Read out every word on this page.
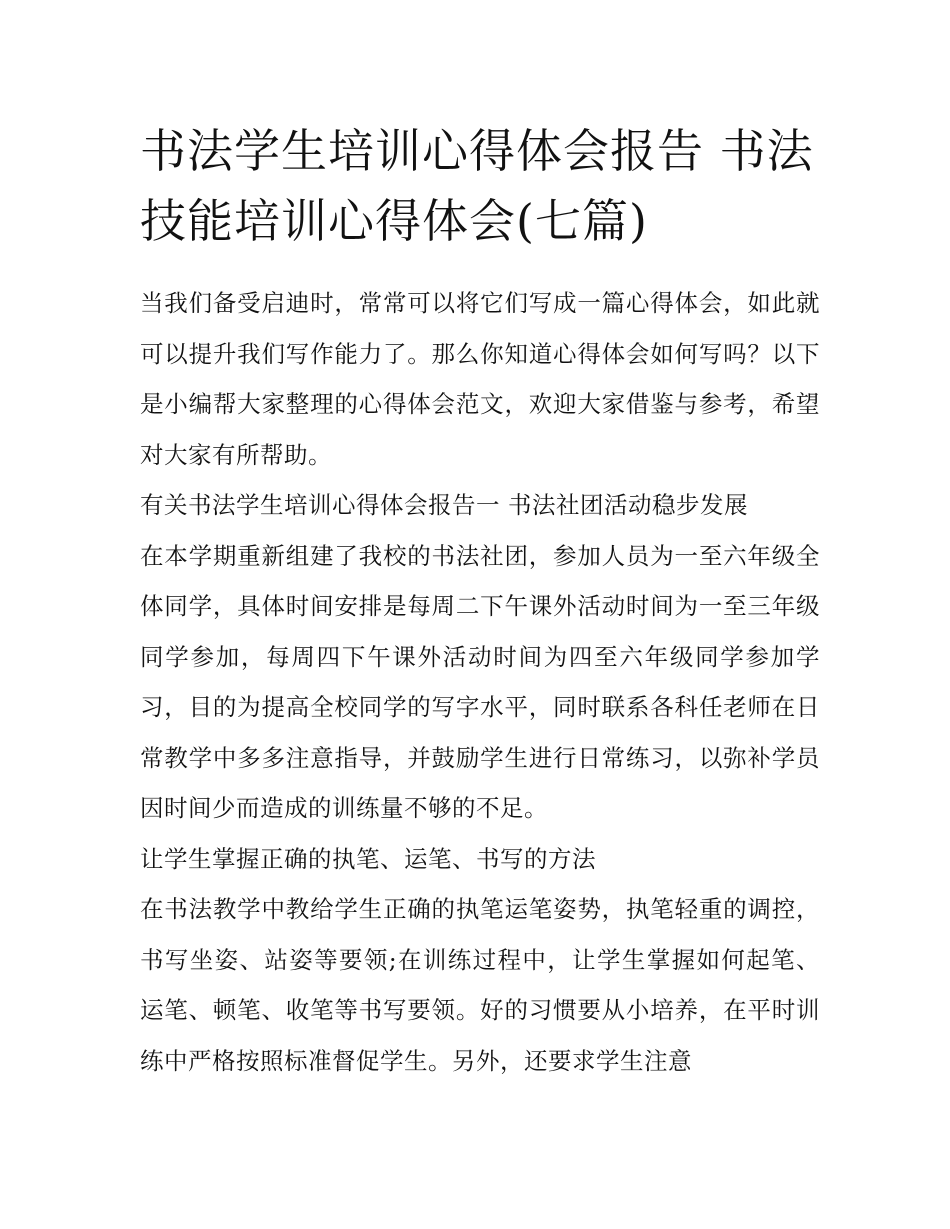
书法学生培训心得体会报告 书法技能培训心得体会(七篇)

当我们备受启迪时，常常可以将它们写成一篇心得体会，如此就可以提升我们写作能力了。那么你知道心得体会如何写吗？以下是小编帮大家整理的心得体会范文，欢迎大家借鉴与参考，希望对大家有所帮助。

有关书法学生培训心得体会报告一 书法社团活动稳步发展

在本学期重新组建了我校的书法社团，参加人员为一至六年级全体同学，具体时间安排是每周二下午课外活动时间为一至三年级同学参加，每周四下午课外活动时间为四至六年级同学参加学习，目的为提高全校同学的写字水平，同时联系各科任老师在日常教学中多多注意指导，并鼓励学生进行日常练习，以弥补学员因时间少而造成的训练量不够的不足。

让学生掌握正确的执笔、运笔、书写的方法

在书法教学中教给学生正确的执笔运笔姿势，执笔轻重的调控，书写坐姿、站姿等要领;在训练过程中，让学生掌握如何起笔、运笔、顿笔、收笔等书写要领。好的习惯要从小培养，在平时训练中严格按照标准督促学生。另外，还要求学生注意
